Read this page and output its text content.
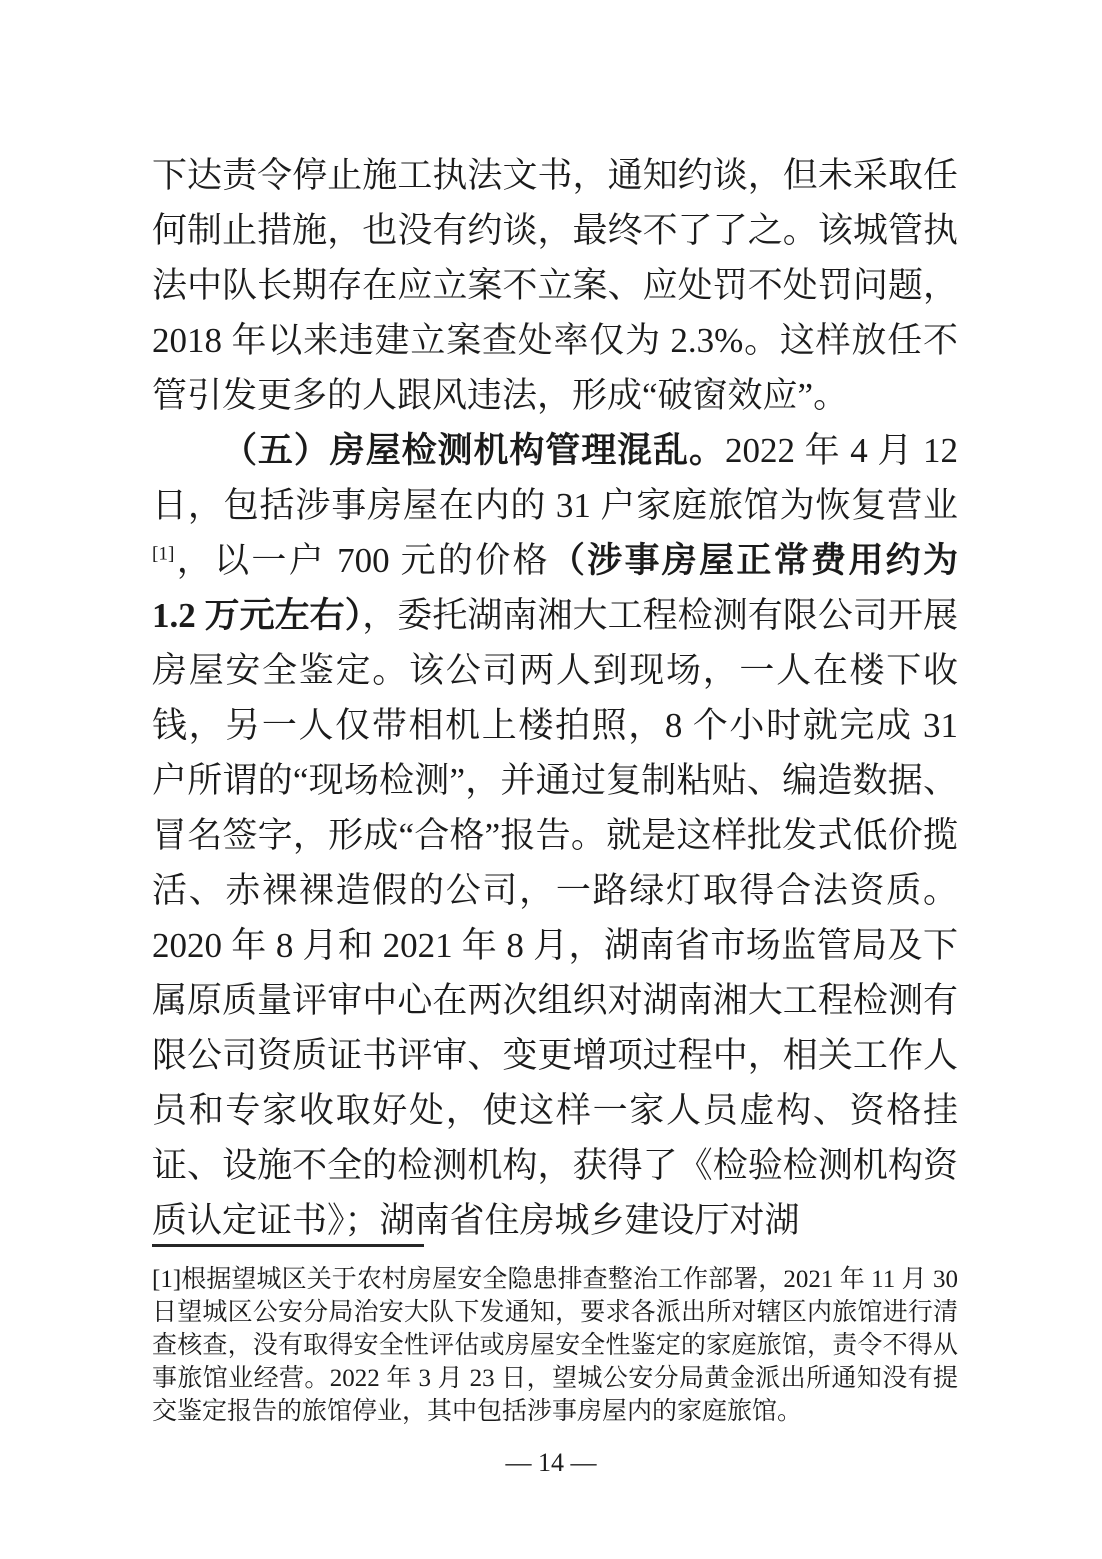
下达责令停止施工执法文书，通知约谈，但未采取任何制止措施，也没有约谈，最终不了了之。该城管执法中队长期存在应立案不立案、应处罚不处罚问题，2018 年以来违建立案查处率仅为 2.3%。这样放任不管引发更多的人跟风违法，形成“破窗效应”。

（五）房屋检测机构管理混乱。2022 年 4 月 12 日，包括涉事房屋在内的 31 户家庭旅馆为恢复营业[1]，以一户 700 元的价格（涉事房屋正常费用约为 1.2 万元左右），委托湖南湘大工程检测有限公司开展房屋安全鉴定。该公司两人到现场，一人在楼下收钱，另一人仅带相机上楼拍照，8 个小时就完成 31 户所谓的“现场检测”，并通过复制粘贴、编造数据、冒名签字，形成“合格”报告。就是这样批发式低价揽活、赤裸裸造假的公司，一路绿灯取得合法资质。2020 年 8 月和 2021 年 8 月，湖南省市场监管局及下属原质量评审中心在两次组织对湖南湘大工程检测有限公司资质证书评审、变更增项过程中，相关工作人员和专家收取好处，使这样一家人员虚构、资格挂证、设施不全的检测机构，获得了《检验检测机构资质认定证书》；湖南省住房城乡建设厅对湖

[1]根据望城区关于农村房屋安全隐患排查整治工作部署，2021 年 11 月 30 日望城区公安分局治安大队下发通知，要求各派出所对辖区内旅馆进行清查核查，没有取得安全性评估或房屋安全性鉴定的家庭旅馆，责令不得从事旅馆业经营。2022 年 3 月 23 日，望城公安分局黄金派出所通知没有提交鉴定报告的旅馆停业，其中包括涉事房屋内的家庭旅馆。

— 14 —
